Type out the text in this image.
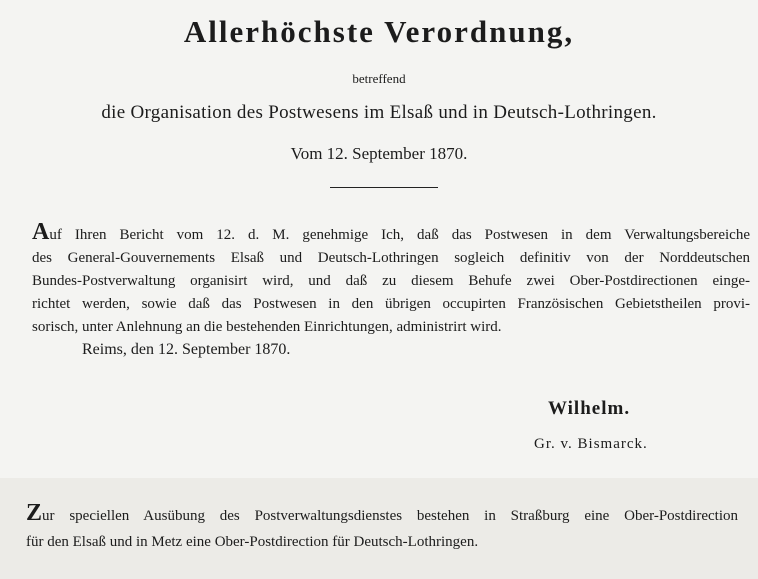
Allerhöchste Verordnung,
betreffend
die Organisation des Postwesens im Elsaß und in Deutsch-Lothringen.
Vom 12. September 1870.
Auf Ihren Bericht vom 12. d. M. genehmige Ich, daß das Postwesen in dem Verwaltungsbereiche
des General-Gouvernements Elsaß und Deutsch-Lothringen sogleich definitiv von der Norddeutschen
Bundes-Postverwaltung organisirt wird, und daß zu diesem Behufe zwei Ober-Postdirectionen einge-
richtet werden, sowie daß das Postwesen in den übrigen occupirten Französischen Gebietstheilen provi-
sorisch, unter Anlehnung an die bestehenden Einrichtungen, administrirt wird.
Reims, den 12. September 1870.
Wilhelm.
Gr. v. Bismarck.
Zur speciellen Ausübung des Postverwaltungsdienstes bestehen in Straßburg eine Ober-Postdirection
für den Elsaß und in Metz eine Ober-Postdirection für Deutsch-Lothringen.
